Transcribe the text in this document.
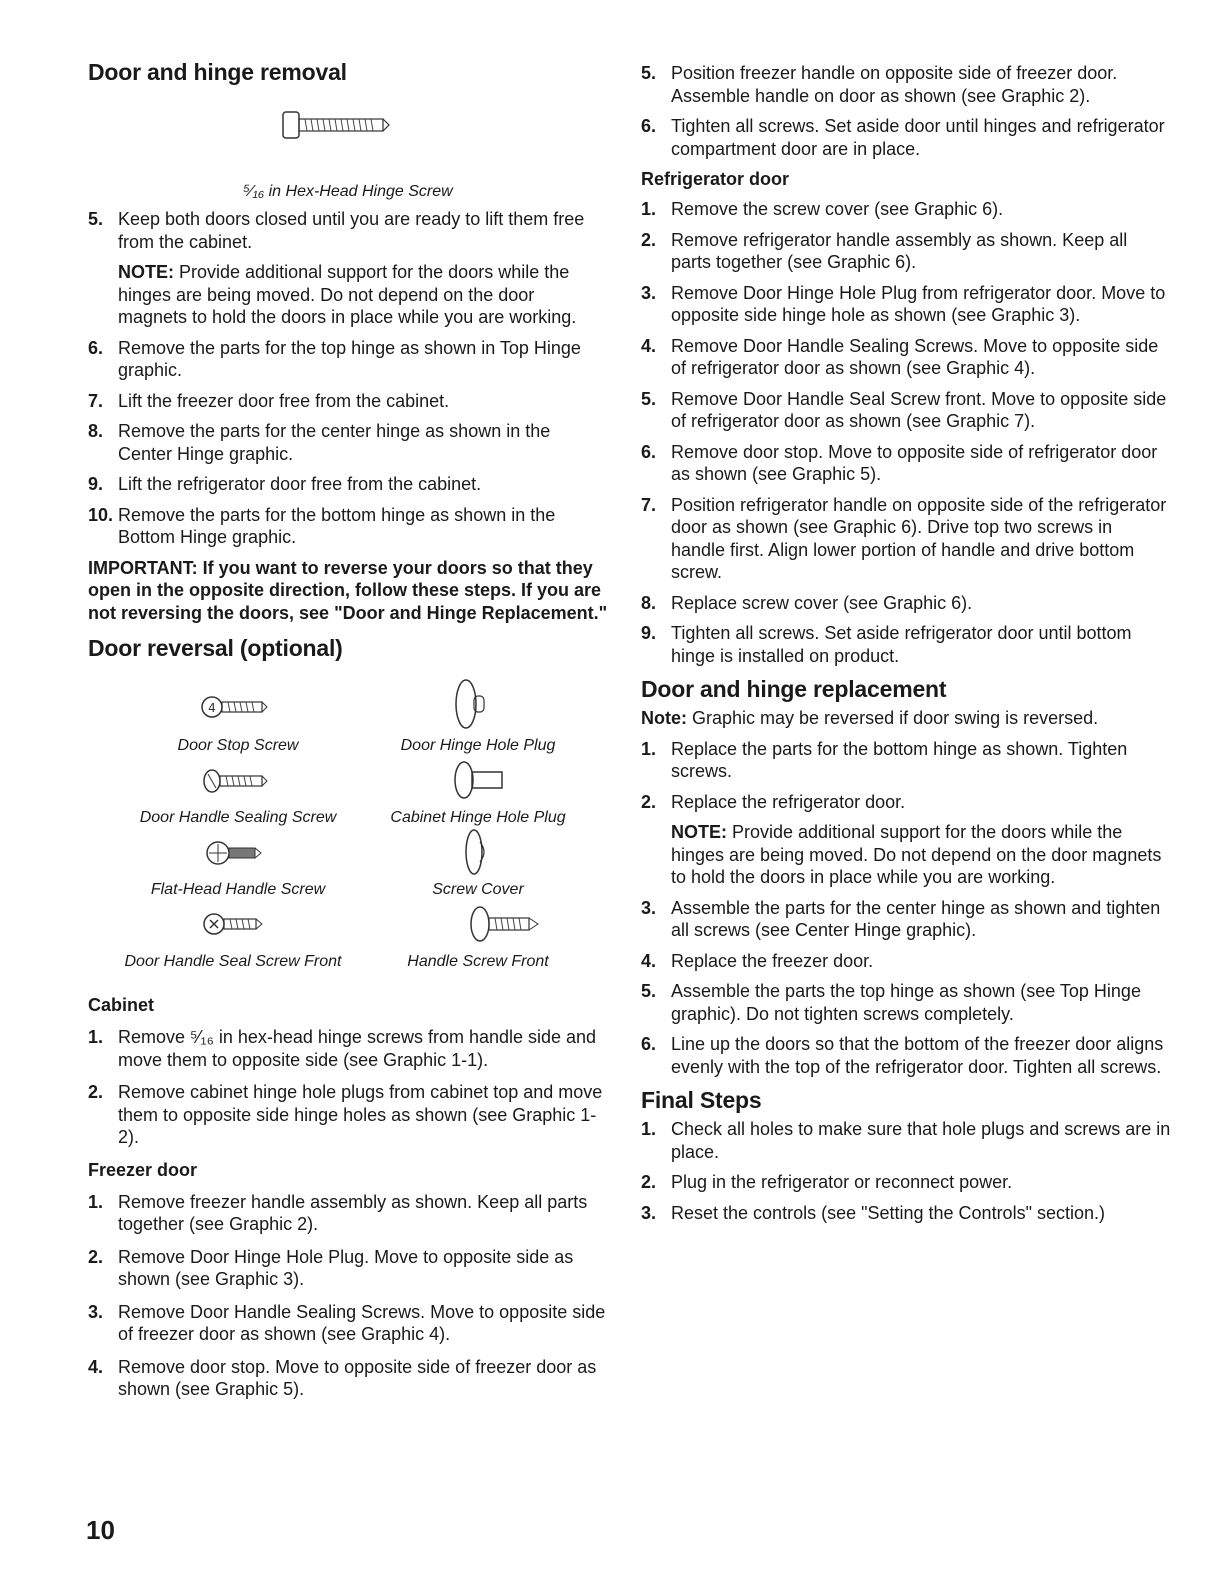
Door and hinge removal
⁵⁄₁₆ in Hex-Head Hinge Screw
5. Keep both doors closed until you are ready to lift them free from the cabinet.
NOTE: Provide additional support for the doors while the hinges are being moved. Do not depend on the door magnets to hold the doors in place while you are working.
6. Remove the parts for the top hinge as shown in Top Hinge graphic.
7. Lift the freezer door free from the cabinet.
8. Remove the parts for the center hinge as shown in the Center Hinge graphic.
9. Lift the refrigerator door free from the cabinet.
10. Remove the parts for the bottom hinge as shown in the Bottom Hinge graphic.
IMPORTANT: If you want to reverse your doors so that they open in the opposite direction, follow these steps. If you are not reversing the doors, see "Door and Hinge Replacement."
Door reversal (optional)
4
Door Stop Screw	Door Hinge Hole Plug
Door Handle Sealing Screw	Cabinet Hinge Hole Plug
Flat-Head Handle Screw	Screw Cover
Door Handle Seal Screw Front	Handle Screw Front
Cabinet
1. Remove ⁵⁄₁₆ in hex-head hinge screws from handle side and move them to opposite side (see Graphic 1-1).
2. Remove cabinet hinge hole plugs from cabinet top and move them to opposite side hinge holes as shown (see Graphic 1-2).
Freezer door
1. Remove freezer handle assembly as shown. Keep all parts together (see Graphic 2).
2. Remove Door Hinge Hole Plug. Move to opposite side as shown (see Graphic 3).
3. Remove Door Handle Sealing Screws. Move to opposite side of freezer door as shown (see Graphic 4).
4. Remove door stop. Move to opposite side of freezer door as shown (see Graphic 5).
5. Position freezer handle on opposite side of freezer door. Assemble handle on door as shown (see Graphic 2).
6. Tighten all screws. Set aside door until hinges and refrigerator compartment door are in place.
Refrigerator door
1. Remove the screw cover (see Graphic 6).
2. Remove refrigerator handle assembly as shown. Keep all parts together (see Graphic 6).
3. Remove Door Hinge Hole Plug from refrigerator door. Move to opposite side hinge hole as shown (see Graphic 3).
4. Remove Door Handle Sealing Screws. Move to opposite side of refrigerator door as shown (see Graphic 4).
5. Remove Door Handle Seal Screw front. Move to opposite side of refrigerator door as shown (see Graphic 7).
6. Remove door stop. Move to opposite side of refrigerator door as shown (see Graphic 5).
7. Position refrigerator handle on opposite side of the refrigerator door as shown (see Graphic 6). Drive top two screws in handle first. Align lower portion of handle and drive bottom screw.
8. Replace screw cover (see Graphic 6).
9. Tighten all screws. Set aside refrigerator door until bottom hinge is installed on product.
Door and hinge replacement
Note: Graphic may be reversed if door swing is reversed.
1. Replace the parts for the bottom hinge as shown. Tighten screws.
2. Replace the refrigerator door.
NOTE: Provide additional support for the doors while the hinges are being moved. Do not depend on the door magnets to hold the doors in place while you are working.
3. Assemble the parts for the center hinge as shown and tighten all screws (see Center Hinge graphic).
4. Replace the freezer door.
5. Assemble the parts the top hinge as shown (see Top Hinge graphic). Do not tighten screws completely.
6. Line up the doors so that the bottom of the freezer door aligns evenly with the top of the refrigerator door. Tighten all screws.
Final Steps
1. Check all holes to make sure that hole plugs and screws are in place.
2. Plug in the refrigerator or reconnect power.
3. Reset the controls (see "Setting the Controls" section.)
10
